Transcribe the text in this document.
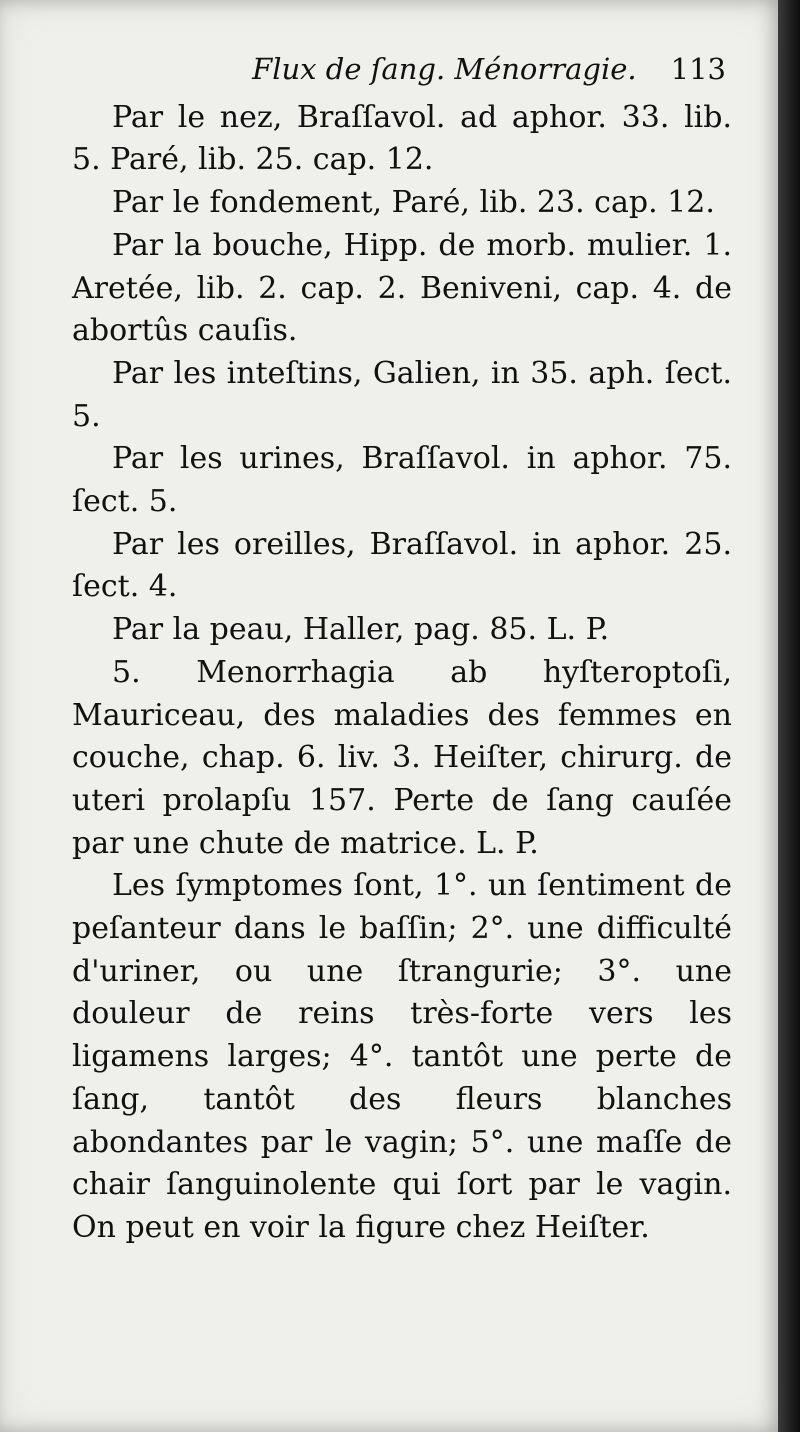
Flux de ſang. Ménorragie. 113

Par le nez, Braſſavol. ad aphor. 33. lib. 5. Paré, lib. 25. cap. 12.

Par le fondement, Paré, lib. 23. cap. 12.

Par la bouche, Hipp. de morb. mulier. 1. Aretée, lib. 2. cap. 2. Beniveni, cap. 4. de abortûs cauſis.

Par les inteſtins, Galien, in 35. aph. ſect. 5.

Par les urines, Braſſavol. in aphor. 75. ſect. 5.

Par les oreilles, Braſſavol. in aphor. 25. ſect. 4.

Par la peau, Haller, pag. 85. L. P.

5. Menorrhagia ab hyſteroptoſi, Mauriceau, des maladies des femmes en couche, chap. 6. liv. 3. Heiſter, chirurg. de uteri prolapſu 157. Perte de ſang cauſée par une chute de matrice. L. P.

Les ſymptomes ſont, 1°. un ſentiment de peſanteur dans le baſſin; 2°. une difficulté d'uriner, ou une ſtrangurie; 3°. une douleur de reins très-forte vers les ligamens larges; 4°. tantôt une perte de ſang, tantôt des fleurs blanches abondantes par le vagin; 5°. une maſſe de chair ſanguinolente qui ſort par le vagin. On peut en voir la figure chez Heiſter.
